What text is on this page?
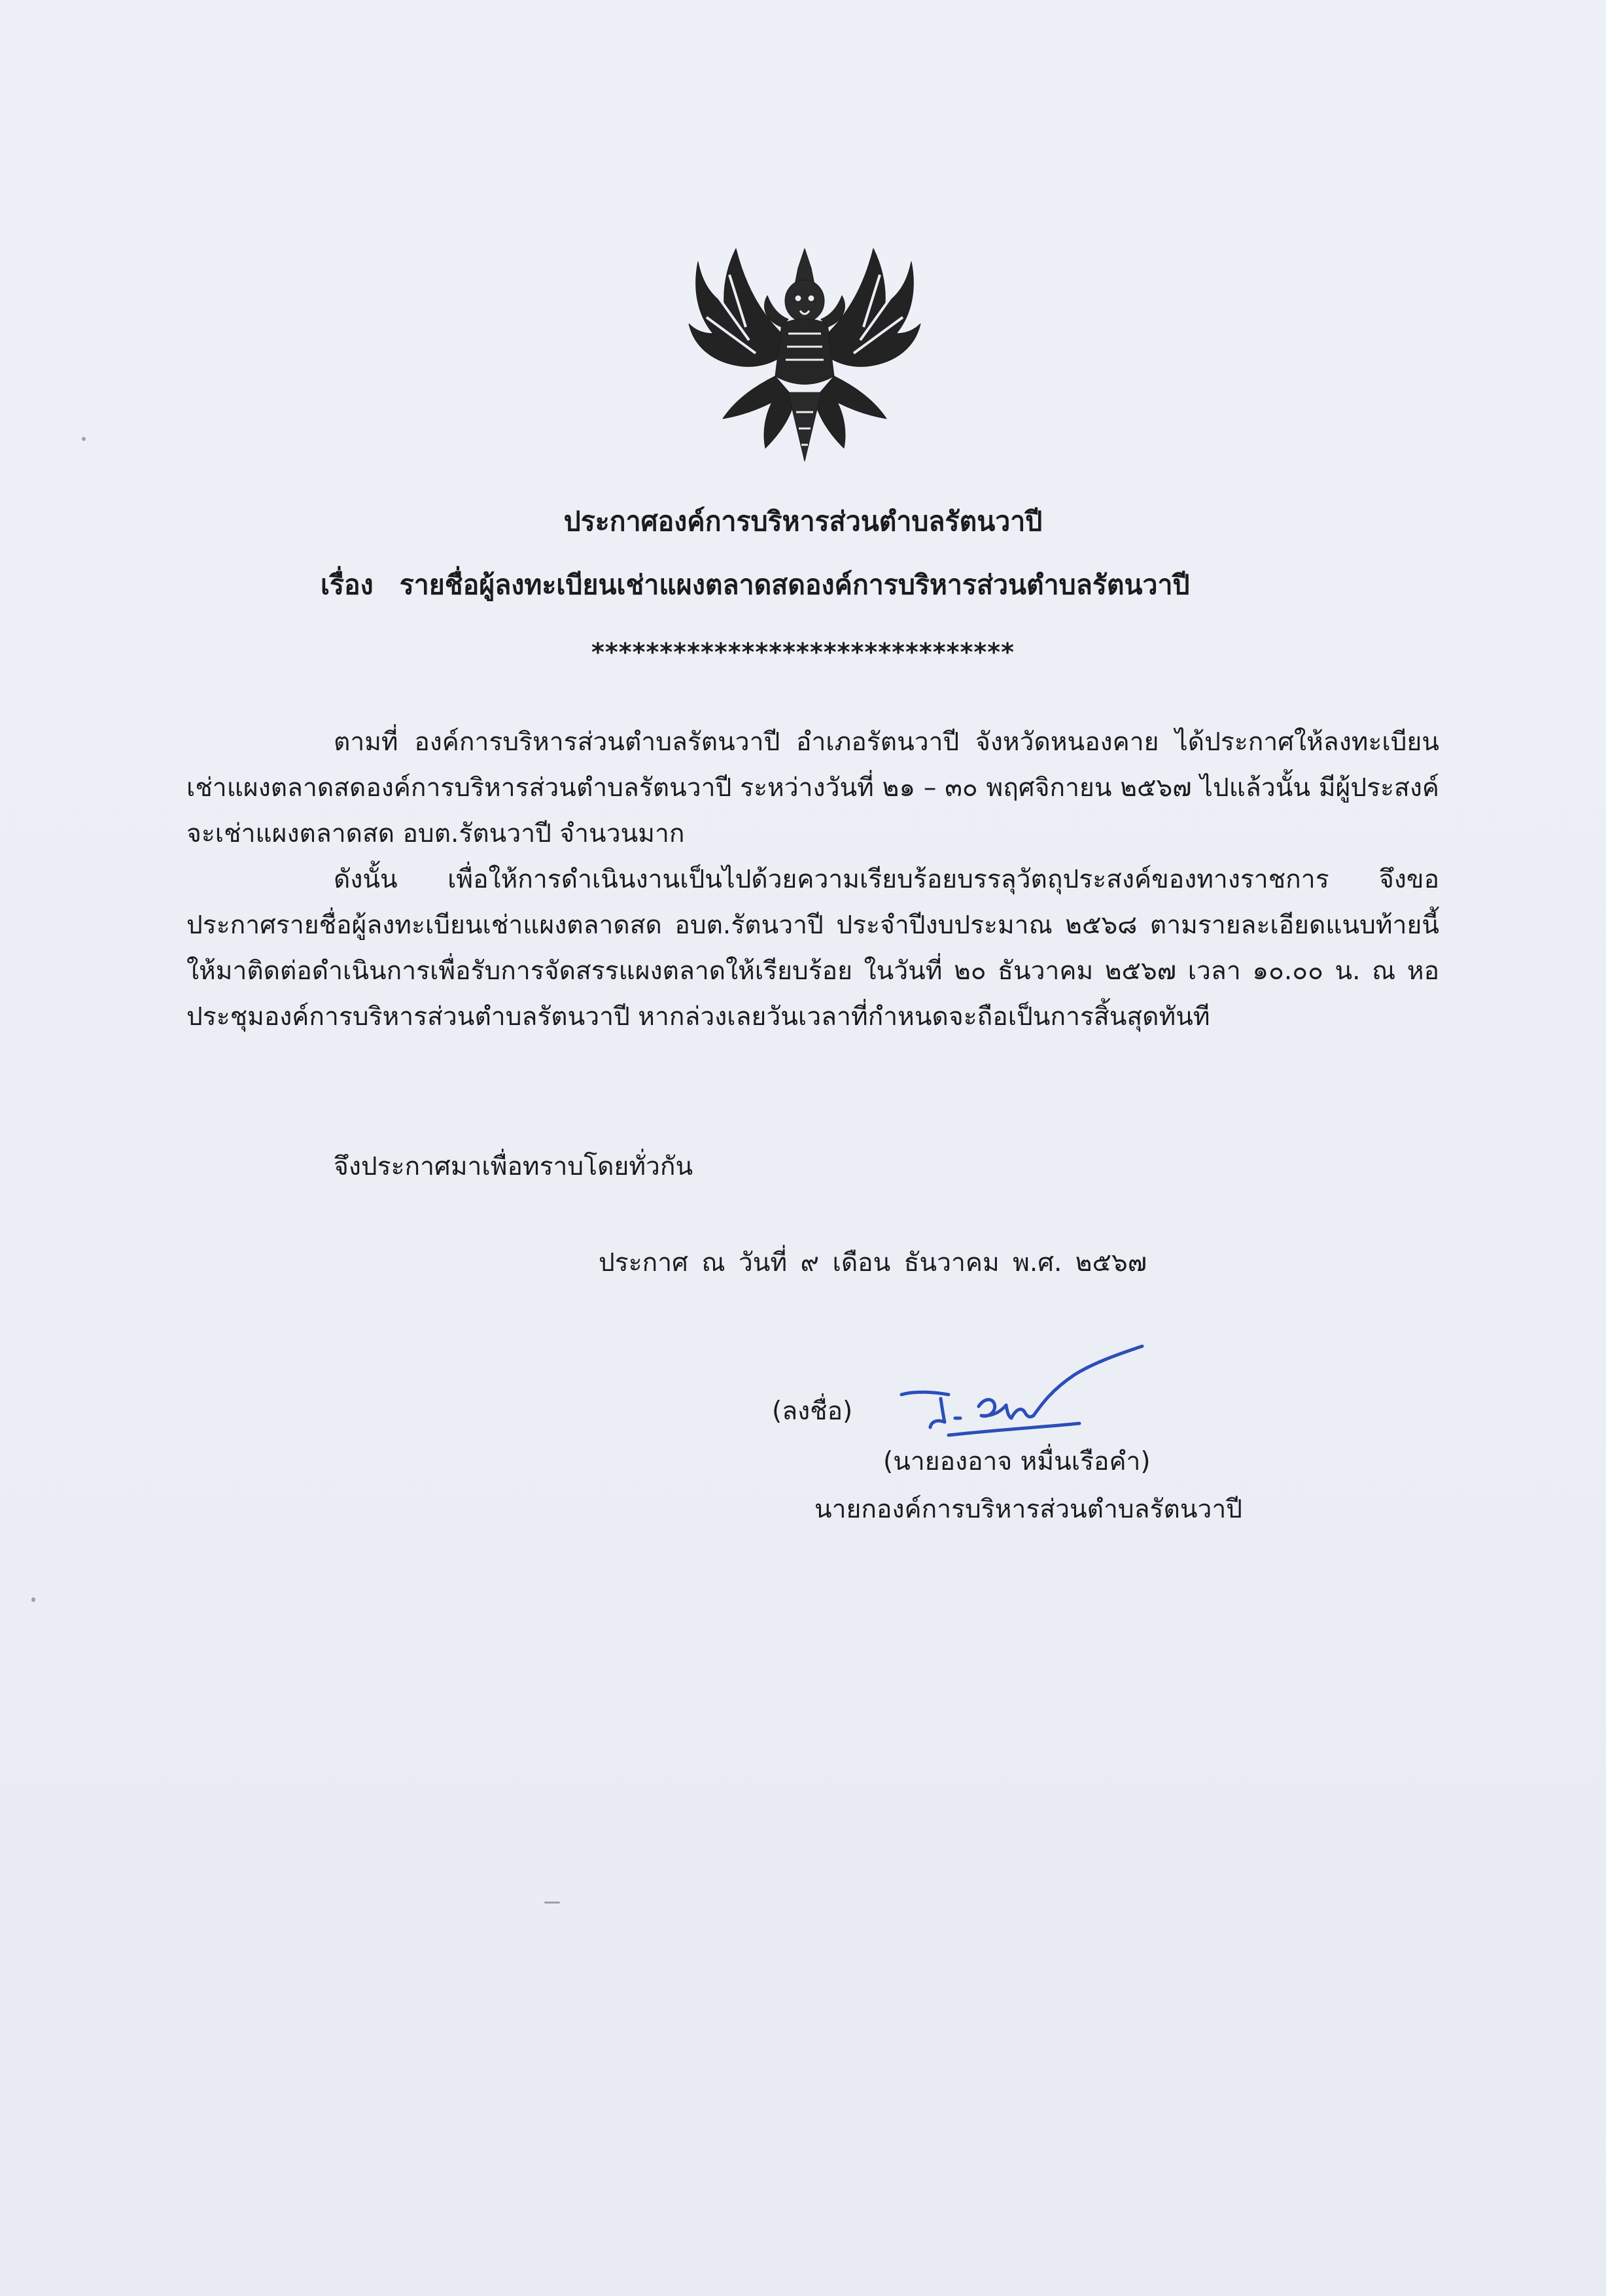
ประกาศองค์การบริหารส่วนตำบลรัตนวาปี
เรื่อง รายชื่อผู้ลงทะเบียนเช่าแผงตลาดสดองค์การบริหารส่วนตำบลรัตนวาปี
*******************************

ตามที่ องค์การบริหารส่วนตำบลรัตนวาปี อำเภอรัตนวาปี จังหวัดหนองคาย ได้ประกาศให้ลงทะเบียนเช่าแผงตลาดสดองค์การบริหารส่วนตำบลรัตนวาปี ระหว่างวันที่ ๒๑ – ๓๐ พฤศจิกายน ๒๕๖๗ ไปแล้วนั้น มีผู้ประสงค์จะเช่าแผงตลาดสด อบต.รัตนวาปี จำนวนมาก

ดังนั้น เพื่อให้การดำเนินงานเป็นไปด้วยความเรียบร้อยบรรลุวัตถุประสงค์ของทางราชการ จึงขอประกาศรายชื่อผู้ลงทะเบียนเช่าแผงตลาดสด อบต.รัตนวาปี ประจำปีงบประมาณ ๒๕๖๘ ตามรายละเอียดแนบท้ายนี้ ให้มาติดต่อดำเนินการเพื่อรับการจัดสรรแผงตลาดให้เรียบร้อย ในวันที่ ๒๐ ธันวาคม ๒๕๖๗ เวลา ๑๐.๐๐ น. ณ หอประชุมองค์การบริหารส่วนตำบลรัตนวาปี หากล่วงเลยวันเวลาที่กำหนดจะถือเป็นการสิ้นสุดทันที

จึงประกาศมาเพื่อทราบโดยทั่วกัน
ประกาศ ณ วันที่ ๙ เดือน ธันวาคม พ.ศ. ๒๕๖๗
(ลงชื่อ)
(นายองอาจ หมื่นเรือคำ)
นายกองค์การบริหารส่วนตำบลรัตนวาปี
